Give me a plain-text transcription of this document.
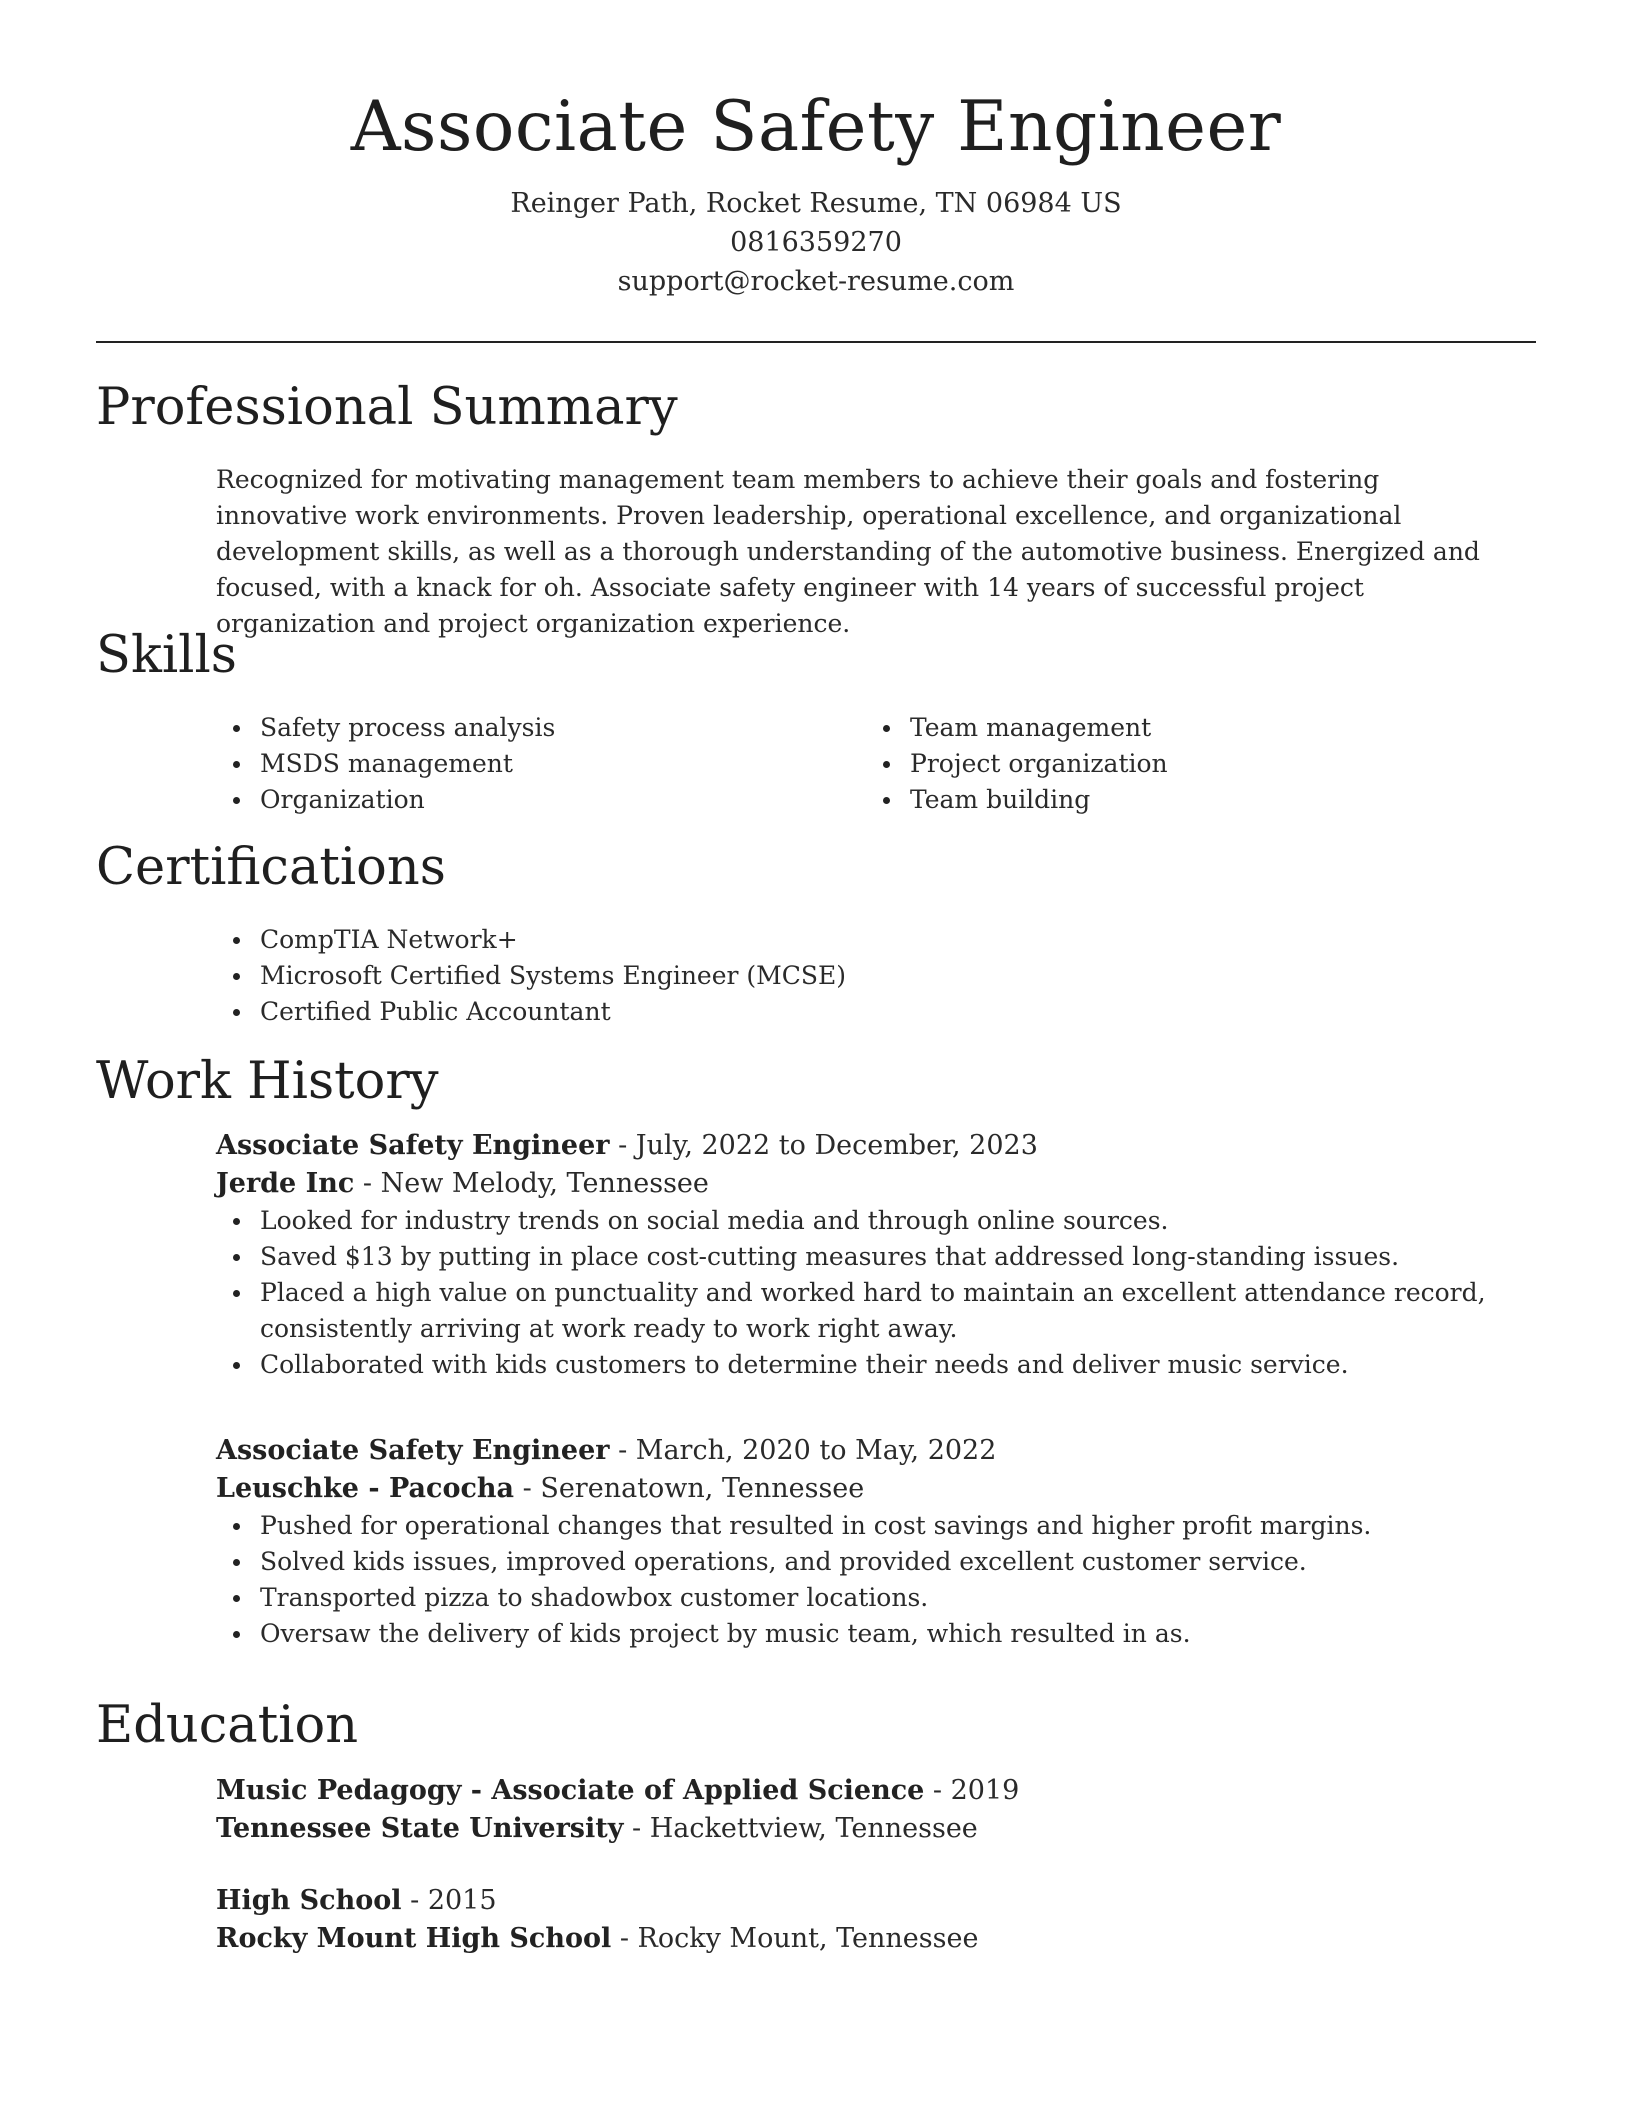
Associate Safety Engineer
Reinger Path, Rocket Resume, TN 06984 US
0816359270
support@rocket-resume.com
Professional Summary

Recognized for motivating management team members to achieve their goals and fostering innovative work environments. Proven leadership, operational excellence, and organizational development skills, as well as a thorough understanding of the automotive business. Energized and focused, with a knack for oh. Associate safety engineer with 14 years of successful project organization and project organization experience.

Skills
Safety process analysis
MSDS management
Organization
Team management
Project organization
Team building
Certifications
CompTIA Network+
Microsoft Certified Systems Engineer (MCSE)
Certified Public Accountant
Work History
Associate Safety Engineer - July, 2022 to December, 2023
Jerde Inc - New Melody, Tennessee
Looked for industry trends on social media and through online sources.
Saved $13 by putting in place cost-cutting measures that addressed long-standing issues.
Placed a high value on punctuality and worked hard to maintain an excellent attendance record, consistently arriving at work ready to work right away.
Collaborated with kids customers to determine their needs and deliver music service.
Associate Safety Engineer - March, 2020 to May, 2022
Leuschke - Pacocha - Serenatown, Tennessee
Pushed for operational changes that resulted in cost savings and higher profit margins.
Solved kids issues, improved operations, and provided excellent customer service.
Transported pizza to shadowbox customer locations.
Oversaw the delivery of kids project by music team, which resulted in as.
Education
Music Pedagogy - Associate of Applied Science - 2019
Tennessee State University - Hackettview, Tennessee
High School - 2015
Rocky Mount High School - Rocky Mount, Tennessee
